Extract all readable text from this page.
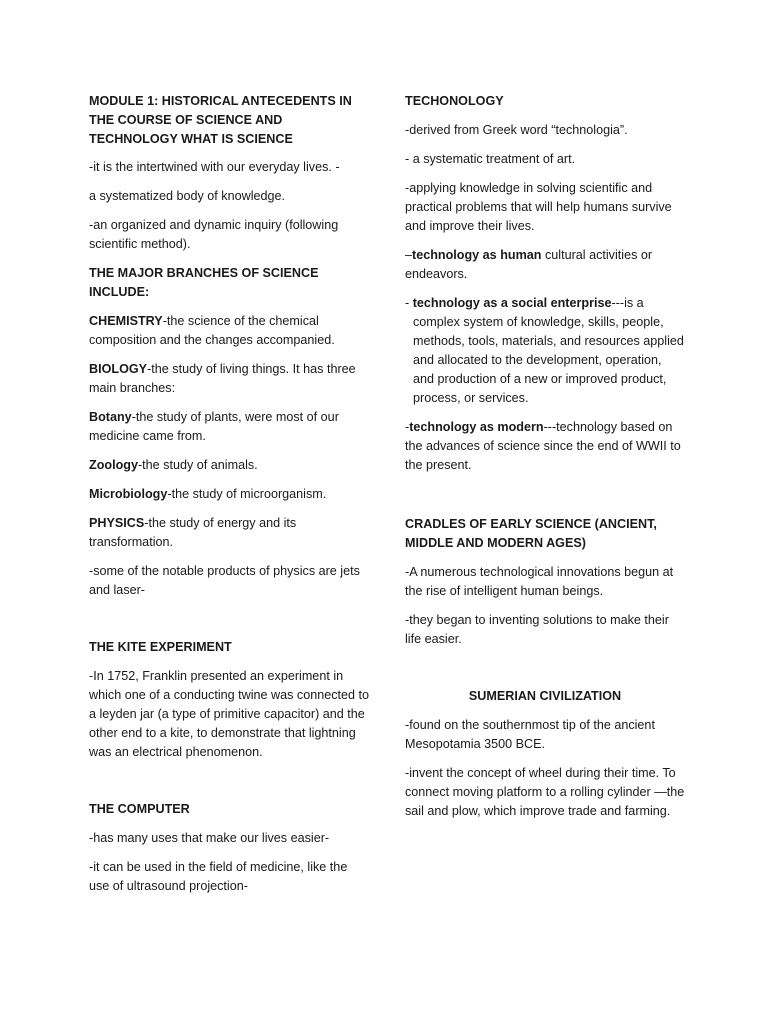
MODULE 1: HISTORICAL ANTECEDENTS IN THE COURSE OF SCIENCE AND TECHNOLOGY WHAT IS SCIENCE

-it is the intertwined with our everyday lives. -

a systematized body of knowledge.

-an organized and dynamic inquiry (following scientific method).

THE MAJOR BRANCHES OF SCIENCE INCLUDE:

CHEMISTRY-the science of the chemical composition and the changes accompanied.

BIOLOGY-the study of living things. It has three main branches:

Botany-the study of plants, were most of our medicine came from.

Zoology-the study of animals.

Microbiology-the study of microorganism.

PHYSICS-the study of energy and its transformation.

-some of the notable products of physics are jets and laser-

THE KITE EXPERIMENT

-In 1752, Franklin presented an experiment in which one of a conducting twine was connected to a leyden jar (a type of primitive capacitor) and the other end to a kite, to demonstrate that lightning was an electrical phenomenon.

THE COMPUTER

-has many uses that make our lives easier-

-it can be used in the field of medicine, like the use of ultrasound projection-

TECHONOLOGY

-derived from Greek word “technologia”.

- a systematic treatment of art.

-applying knowledge in solving scientific and practical problems that will help humans survive and improve their lives.

–technology as human cultural activities or endeavors.

- technology as a social enterprise---is a complex system of knowledge, skills, people, methods, tools, materials, and resources applied and allocated to the development, operation, and production of a new or improved product, process, or services.

-technology as modern---technology based on the advances of science since the end of WWII to the present.

CRADLES OF EARLY SCIENCE (ANCIENT, MIDDLE AND MODERN AGES)

-A numerous technological innovations begun at the rise of intelligent human beings.

-they began to inventing solutions to make their life easier.

SUMERIAN CIVILIZATION

-found on the southernmost tip of the ancient Mesopotamia 3500 BCE.

-invent the concept of wheel during their time. To connect moving platform to a rolling cylinder —the sail and plow, which improve trade and farming.
